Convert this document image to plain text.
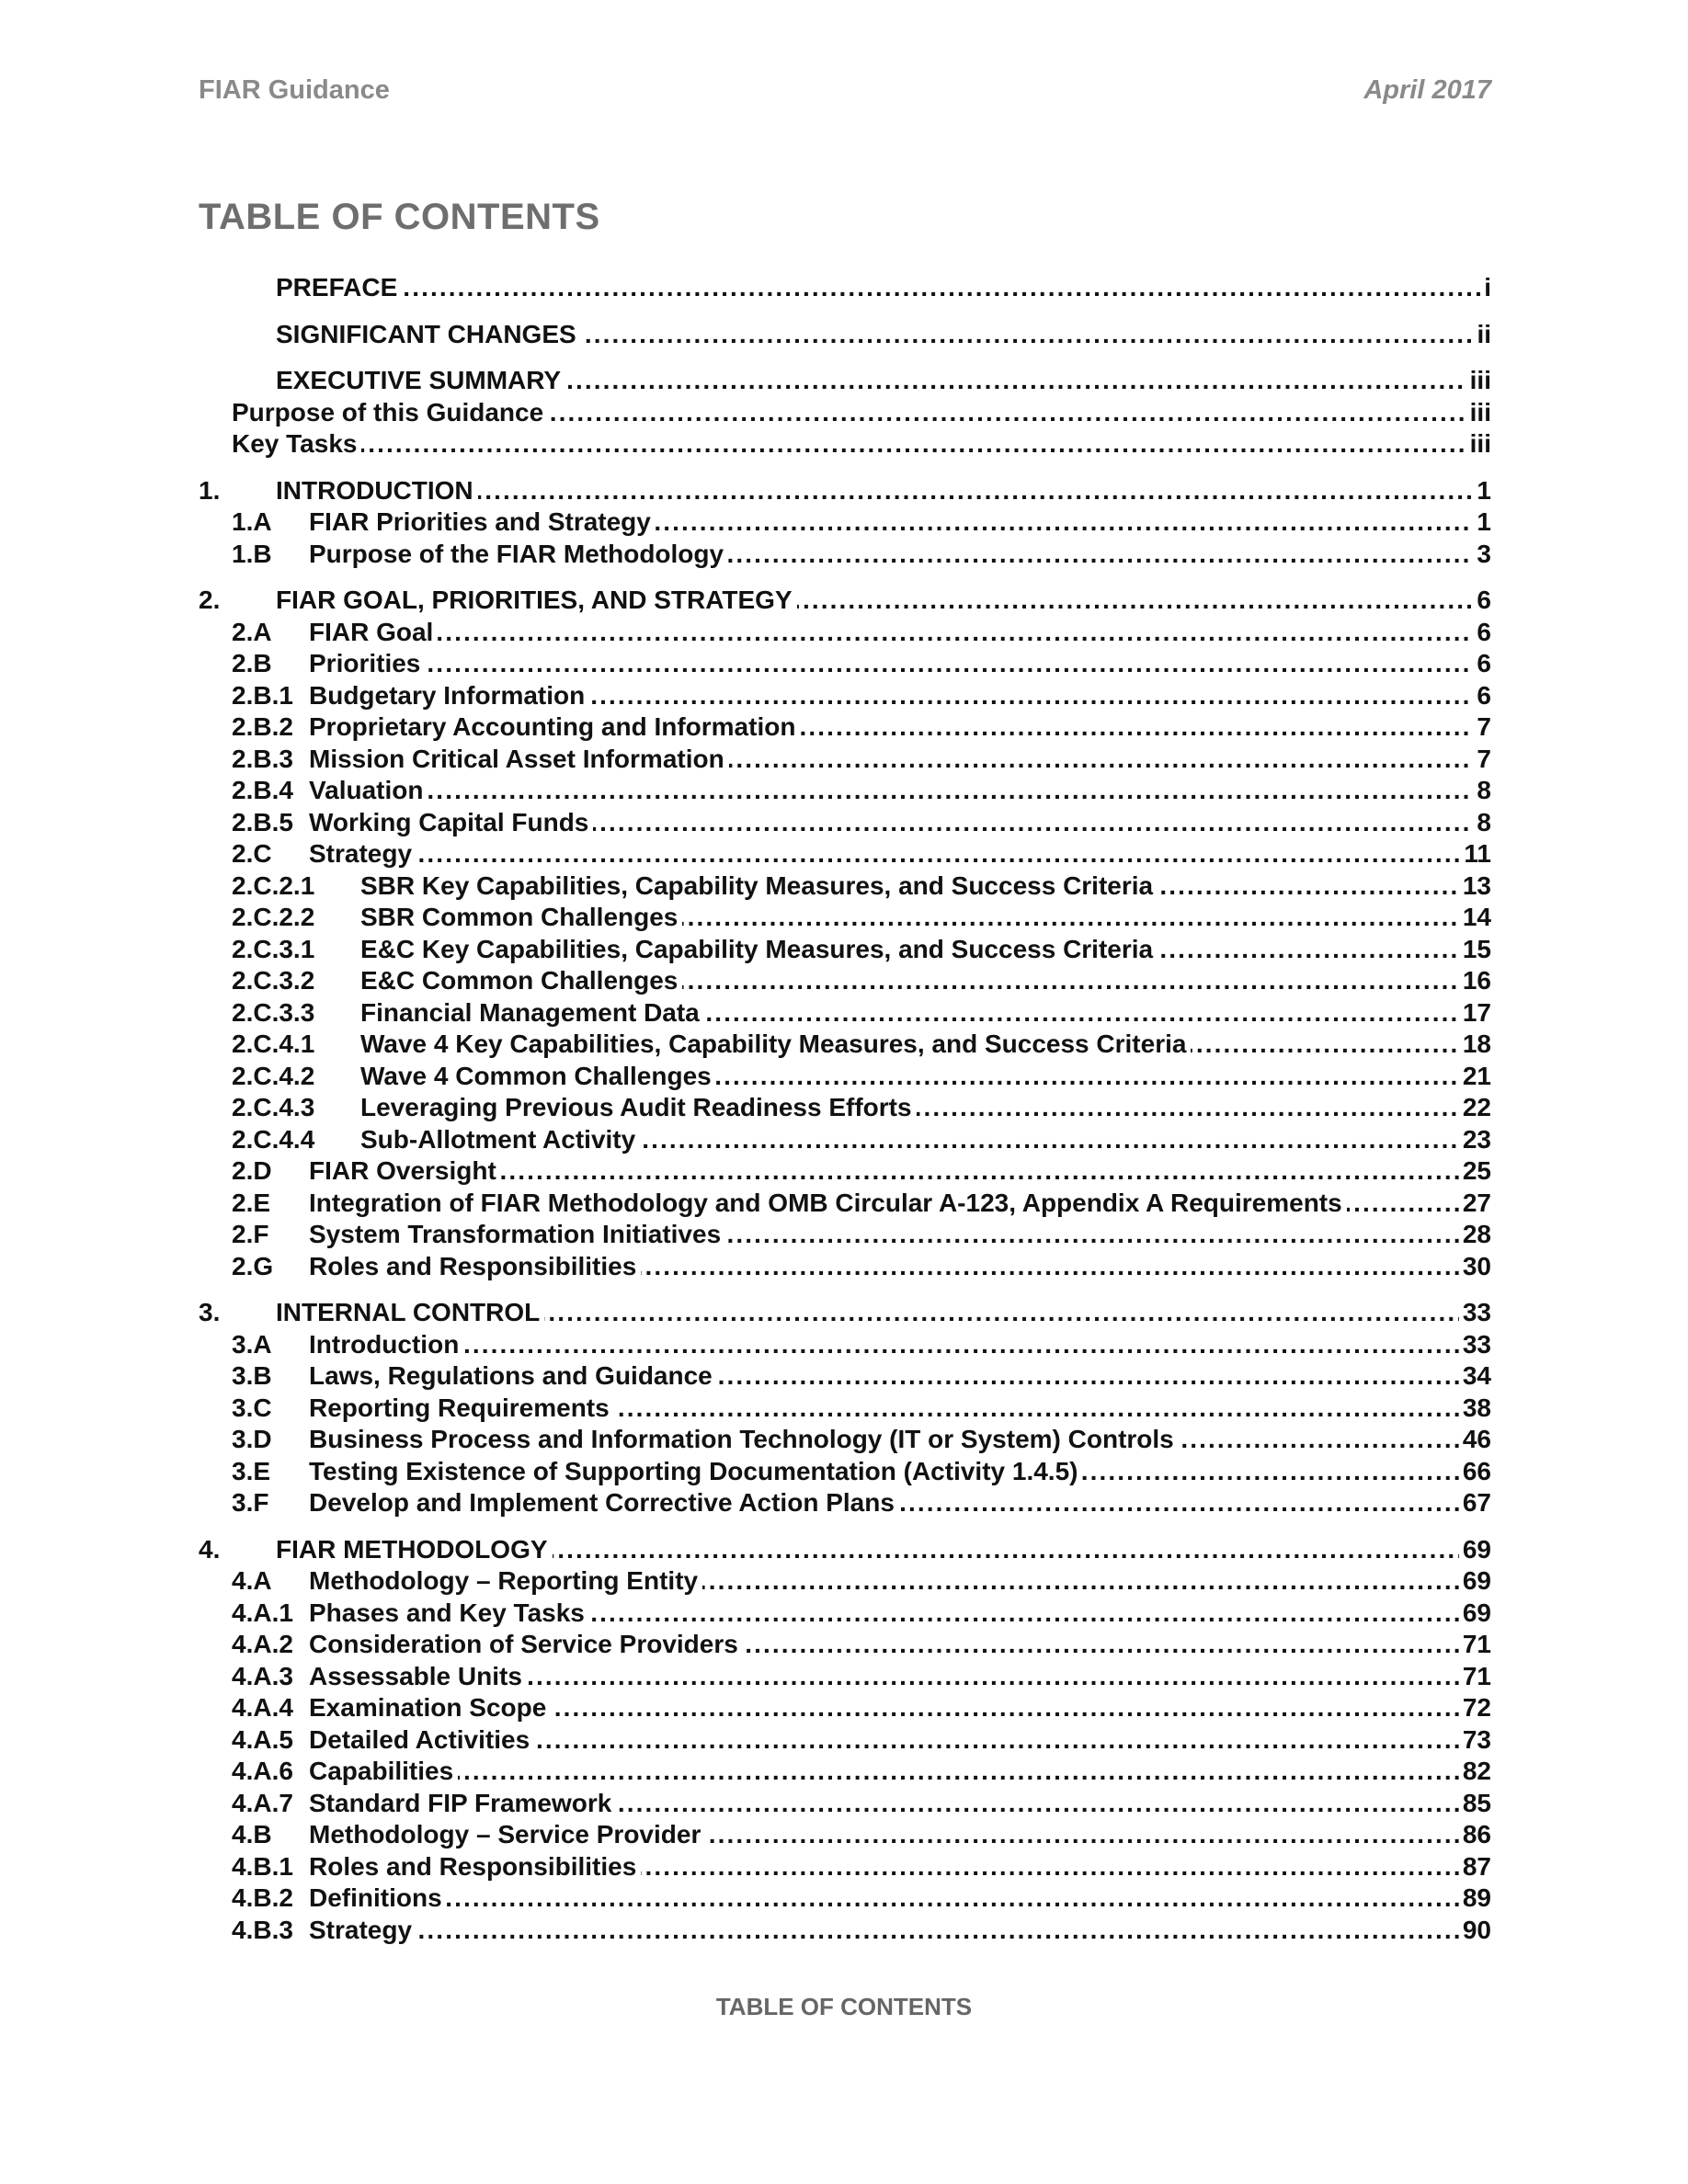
FIAR Guidance	April 2017
TABLE OF CONTENTS
.....
PREFACE	i
.....
SIGNIFICANT CHANGES	ii
.....
EXECUTIVE SUMMARY	iii
.....
Purpose of this Guidance	iii
.....
Key Tasks	iii
.....
1. INTRODUCTION	1
.....
1.A FIAR Priorities and Strategy	1
.....
1.B Purpose of the FIAR Methodology	3
.....
2. FIAR GOAL, PRIORITIES, AND STRATEGY	6
.....
2.A FIAR Goal	6
.....
2.B Priorities	6
.....
2.B.1 Budgetary Information	6
.....
2.B.2 Proprietary Accounting and Information	7
.....
2.B.3 Mission Critical Asset Information	7
.....
2.B.4 Valuation	8
.....
2.B.5 Working Capital Funds	8
.....
2.C Strategy	11
.....
2.C.2.1 SBR Key Capabilities, Capability Measures, and Success Criteria	13
.....
2.C.2.2 SBR Common Challenges	14
.....
2.C.3.1 E&C Key Capabilities, Capability Measures, and Success Criteria	15
.....
2.C.3.2 E&C Common Challenges	16
.....
2.C.3.3 Financial Management Data	17
.....
2.C.4.1 Wave 4 Key Capabilities, Capability Measures, and Success Criteria	18
.....
2.C.4.2 Wave 4 Common Challenges	21
.....
2.C.4.3 Leveraging Previous Audit Readiness Efforts	22
.....
2.C.4.4 Sub-Allotment Activity	23
.....
2.D FIAR Oversight	25
.....
2.E Integration of FIAR Methodology and OMB Circular A-123, Appendix A Requirements	27
.....
2.F System Transformation Initiatives	28
.....
2.G Roles and Responsibilities	30
.....
3. INTERNAL CONTROL	33
.....
3.A Introduction	33
.....
3.B Laws, Regulations and Guidance	34
.....
3.C Reporting Requirements	38
.....
3.D Business Process and Information Technology (IT or System) Controls	46
.....
3.E Testing Existence of Supporting Documentation (Activity 1.4.5)	66
.....
3.F Develop and Implement Corrective Action Plans	67
.....
4. FIAR METHODOLOGY	69
.....
4.A Methodology – Reporting Entity	69
.....
4.A.1 Phases and Key Tasks	69
.....
4.A.2 Consideration of Service Providers	71
.....
4.A.3 Assessable Units	71
.....
4.A.4 Examination Scope	72
.....
4.A.5 Detailed Activities	73
.....
4.A.6 Capabilities	82
.....
4.A.7 Standard FIP Framework	85
.....
4.B Methodology – Service Provider	86
.....
4.B.1 Roles and Responsibilities	87
.....
4.B.2 Definitions	89
.....
4.B.3 Strategy	90
TABLE OF CONTENTS
